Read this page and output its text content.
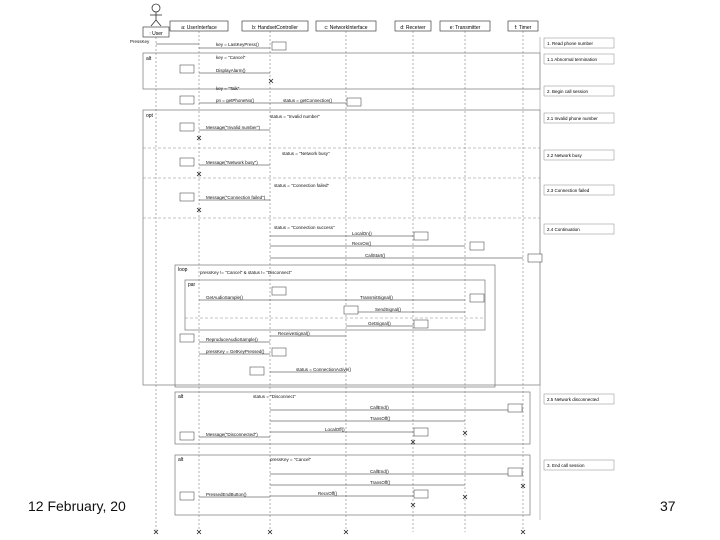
: User
a: UserInterface	b: HandsetController	c: NetworkInterface	d: Receiver	e: Transmitter	f: Timer
alt
opt
loop
par
alt
alt
1. Read phone number
1.1 Abnormal termination
2. Begin call session
2.1 Invalid phone number
2.2 Network busy
2.3 Connection failed
2.4 Continuation
2.5 Network disconnected
3. End call session
PressKey
key = LastKeyPress()
key = "Cancel"
DisplayAlarm()
key = "Talk"
pn = getPhoneNo()	status = getConnection()
status = "Invalid number"
Message("Invalid number")
status = "Network busy"
Message("Network busy")
status = "Connection failed"
Message("Connection failed")
status = "Connection success"
LocalOn()
RecvOn()
CallStart()
pressKey != "Cancel" & status != "Disconnect"
GetAudioSample()	TransmitSignal()
SendSignal()
GetSignal()
ReceiveSignal()
ReproduceAudioSample()
pressKey = GetKeyPressed()
status = ConnectionActive()
status = "Disconnect"
CallEnd()
TransOff()
LocalOff()
Message("Disconnected")
pressKey = "Cancel"
CallEnd()
TransOff()
RecvOff()
PressedEndButton()
12 February, 20	37
